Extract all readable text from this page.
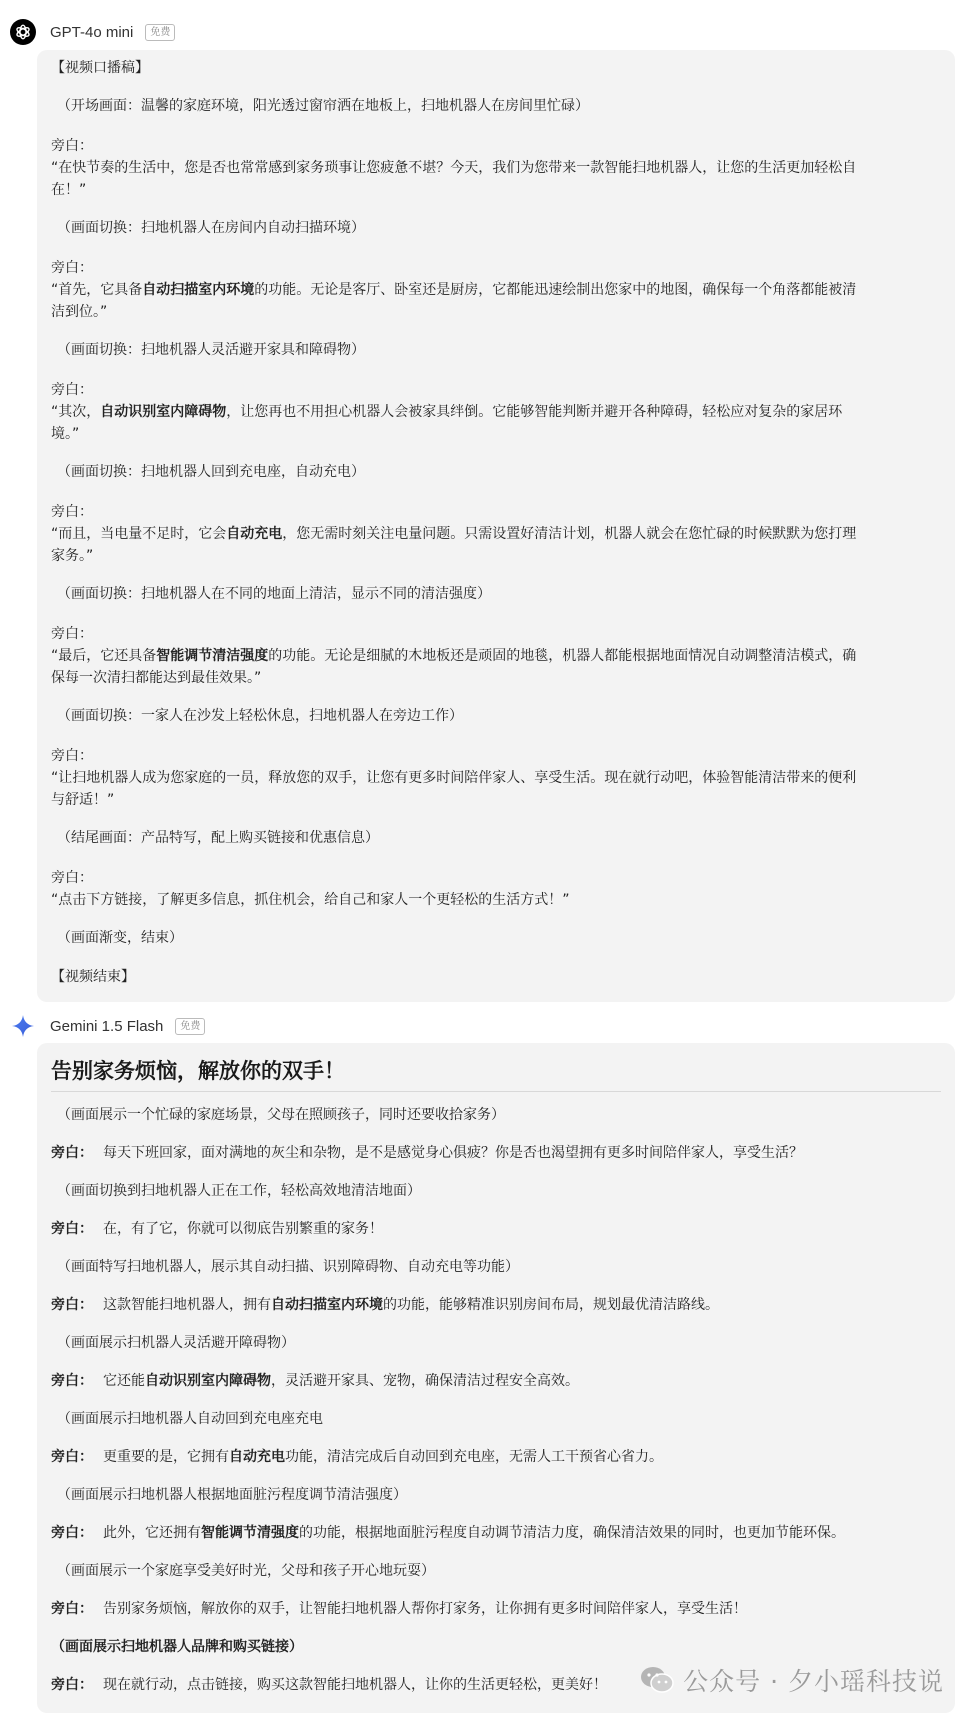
GPT-4o mini	免费
【视频口播稿】
（开场画面：温馨的家庭环境，阳光透过窗帘洒在地板上，扫地机器人在房间里忙碌）
旁白：
“在快节奏的生活中，您是否也常常感到家务琐事让您疲惫不堪？今天，我们为您带来一款智能扫地机器人，让您的生活更加轻松自
在！”
（画面切换：扫地机器人在房间内自动扫描环境）
旁白：
“首先，它具备自动扫描室内环境的功能。无论是客厅、卧室还是厨房，它都能迅速绘制出您家中的地图，确保每一个角落都能被清
洁到位。”
（画面切换：扫地机器人灵活避开家具和障碍物）
旁白：
“其次，自动识别室内障碍物，让您再也不用担心机器人会被家具绊倒。它能够智能判断并避开各种障碍，轻松应对复杂的家居环
境。”
（画面切换：扫地机器人回到充电座，自动充电）
旁白：
“而且，当电量不足时，它会自动充电，您无需时刻关注电量问题。只需设置好清洁计划，机器人就会在您忙碌的时候默默为您打理
家务。”
（画面切换：扫地机器人在不同的地面上清洁，显示不同的清洁强度）
旁白：
“最后，它还具备智能调节清洁强度的功能。无论是细腻的木地板还是顽固的地毯，机器人都能根据地面情况自动调整清洁模式，确
保每一次清扫都能达到最佳效果。”
（画面切换：一家人在沙发上轻松休息，扫地机器人在旁边工作）
旁白：
“让扫地机器人成为您家庭的一员，释放您的双手，让您有更多时间陪伴家人、享受生活。现在就行动吧，体验智能清洁带来的便利
与舒适！”
（结尾画面：产品特写，配上购买链接和优惠信息）
旁白：
“点击下方链接，了解更多信息，抓住机会，给自己和家人一个更轻松的生活方式！”
（画面渐变，结束）
【视频结束】
Gemini 1.5 Flash	免费
告别家务烦恼，解放你的双手！
（画面展示一个忙碌的家庭场景，父母在照顾孩子，同时还要收拾家务）
旁白： 每天下班回家，面对满地的灰尘和杂物，是不是感觉身心俱疲？你是否也渴望拥有更多时间陪伴家人，享受生活？
（画面切换到扫地机器人正在工作，轻松高效地清洁地面）
旁白： 在，有了它，你就可以彻底告别繁重的家务！
（画面特写扫地机器人，展示其自动扫描、识别障碍物、自动充电等功能）
旁白： 这款智能扫地机器人，拥有自动扫描室内环境的功能，能够精准识别房间布局，规划最优清洁路线。
（画面展示扫机器人灵活避开障碍物）
旁白： 它还能自动识别室内障碍物，灵活避开家具、宠物，确保清洁过程安全高效。
（画面展示扫地机器人自动回到充电座充电
旁白： 更重要的是，它拥有自动充电功能，清洁完成后自动回到充电座，无需人工干预省心省力。
（画面展示扫地机器人根据地面脏污程度调节清洁强度）
旁白： 此外，它还拥有智能调节清强度的功能，根据地面脏污程度自动调节清洁力度，确保清洁效果的同时，也更加节能环保。
（画面展示一个家庭享受美好时光，父母和孩子开心地玩耍）
旁白： 告别家务烦恼，解放你的双手，让智能扫地机器人帮你打家务，让你拥有更多时间陪伴家人，享受生活！
（画面展示扫地机器人品牌和购买链接）
旁白： 现在就行动，点击链接，购买这款智能扫地机器人，让你的生活更轻松，更美好！	公众号 · 夕小瑶科技说
